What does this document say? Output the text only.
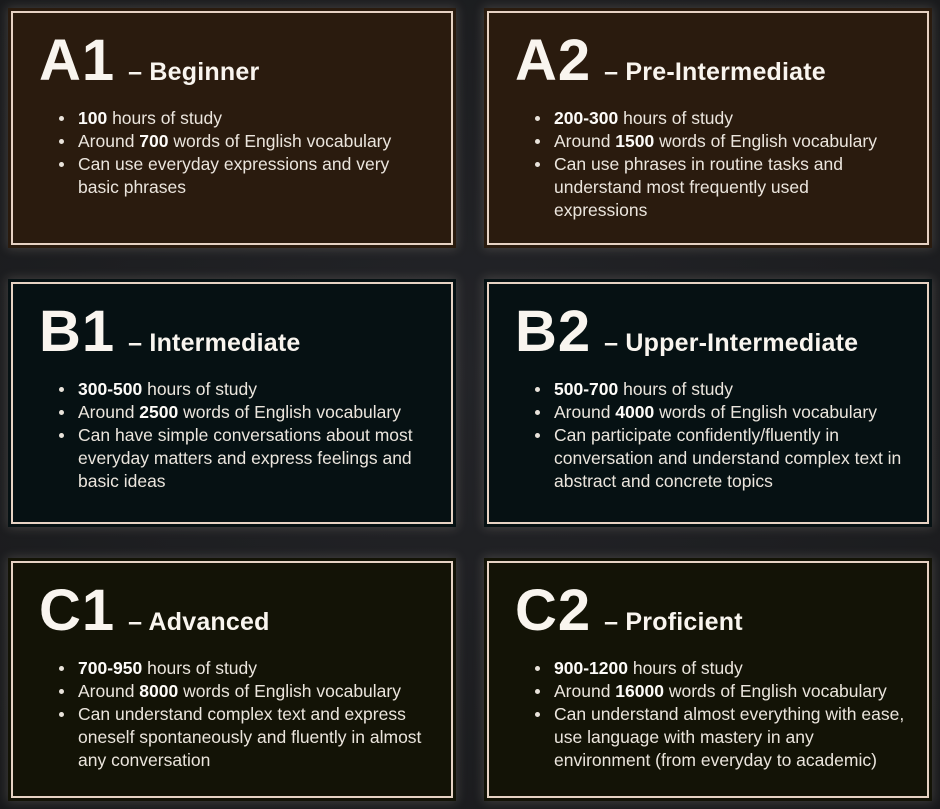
A1 – Beginner

100 hours of study

Around 700 words of English vocabulary

Can use everyday expressions and very basic phrases

A2 – Pre-Intermediate

200-300 hours of study

Around 1500 words of English vocabulary

Can use phrases in routine tasks and understand most frequently used expressions

B1 – Intermediate

300-500 hours of study

Around 2500 words of English vocabulary

Can have simple conversations about most everyday matters and express feelings and basic ideas

B2 – Upper-Intermediate

500-700 hours of study

Around 4000 words of English vocabulary

Can participate confidently/fluently in conversation and understand complex text in abstract and concrete topics

C1 – Advanced

700-950 hours of study

Around 8000 words of English vocabulary

Can understand complex text and express oneself spontaneously and fluently in almost any conversation

C2 – Proficient

900-1200 hours of study

Around 16000 words of English vocabulary

Can understand almost everything with ease, use language with mastery in any environment (from everyday to academic)
